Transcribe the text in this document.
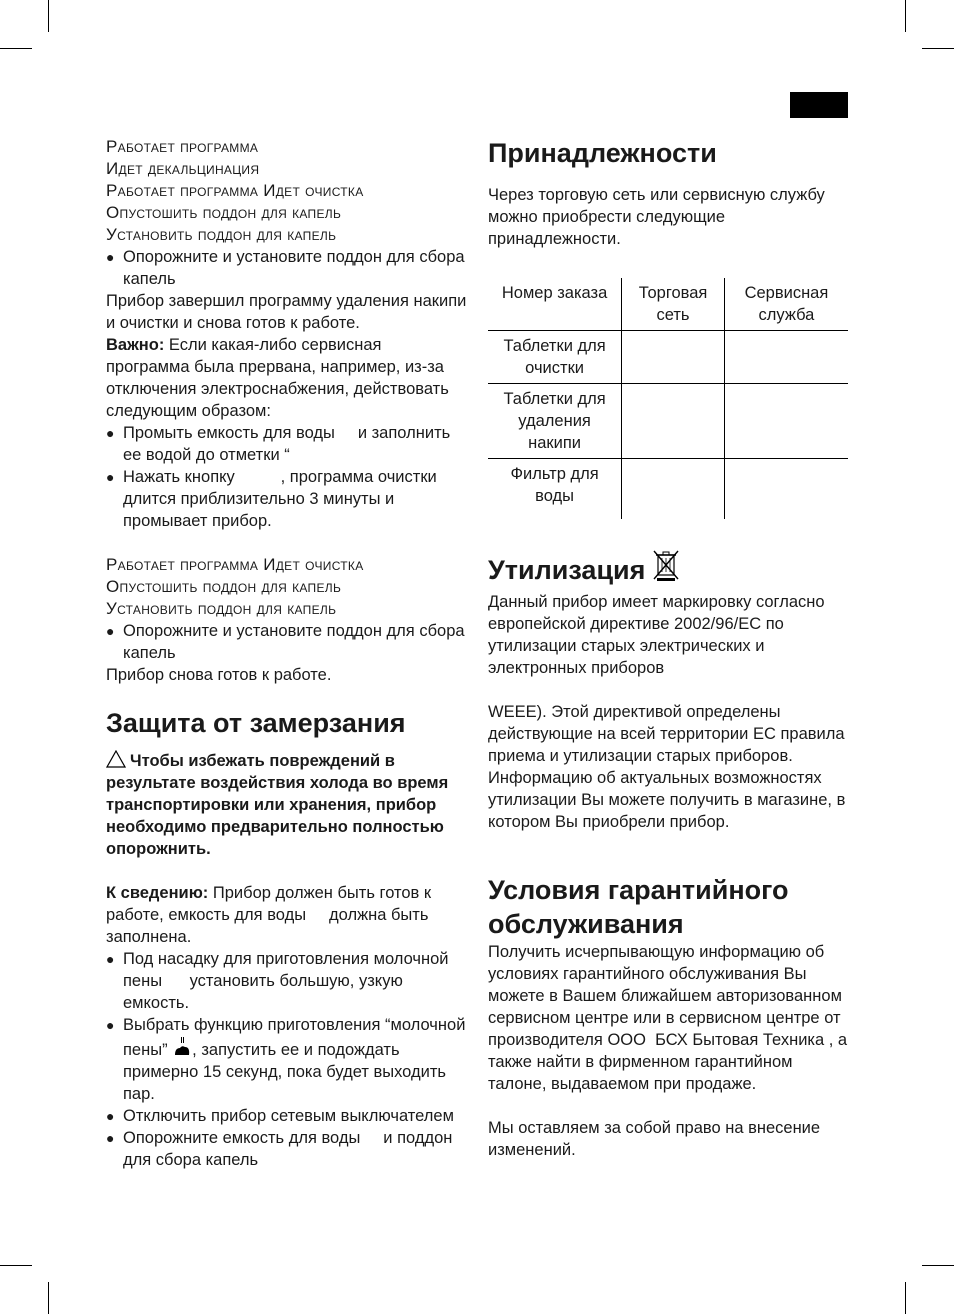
Работает программа

Идет декальцинация

Работает программа Идет очистка

Опустошить поддон для капель

Установить поддон для капель

● Опорожните и установите поддон для сбора капель

Прибор завершил программу удаления накипи и очистки и снова готов к работе.

Важно: Если какая-либо сервисная программа была прервана, например, из-за отключения электроснабжения, действовать следующим образом:

● Промыть емкость для воды     и заполнить ее водой до отметки “

● Нажать кнопку          , программа очистки длится приблизительно 3 минуты и промывает прибор.

Работает программа Идет очистка

Опустошить поддон для капель

Установить поддон для капель

● Опорожните и установите поддон для сбора капель

Прибор снова готов к работе.

Защита от замерзания

Чтобы избежать повреждений в результате воздействия холода во время транспортировки или хранения, прибор необходимо предварительно полностью опорожнить.

К сведению: Прибор должен быть готов к работе, емкость для воды     должна быть заполнена.

● Под насадку для приготовления молочной пены      установить большую, узкую емкость.

● Выбрать функцию приготовления “молочной пены” , запустить ее и подождать примерно 15 секунд, пока будет выходить пар.

● Отключить прибор сетевым выключателем

● Опорожните емкость для воды     и поддон для сбора капель

Принадлежности

Через торговую сеть или сервисную службу можно приобрести следующие принадлежности.

Номер заказа	Торговая сеть	Сервисная служба
Таблетки для очистки		
Таблетки для удаления накипи		
Фильтр для воды		
Утилизация

Данный прибор имеет маркировку согласно европейской директиве 2002/96/ЕС по утилизации старых электрических и электронных приборов

WEEE). Этой директивой определены действующие на всей территории ЕС правила приема и утилизации старых приборов. Информацию об актуальных возможностях утилизации Вы можете получить в магазине, в котором Вы приобрели прибор.

Условия гарантийного обслуживания

Получить исчерпывающую информацию об условиях гарантийного обслуживания Вы можете в Вашем ближайшем авторизованном сервисном центре или в сервисном центре от производителя ООО  БСХ Бытовая Техника , а также найти в фирменном гарантийном талоне, выдаваемом при продаже.

Мы оставляем за собой право на внесение изменений.
